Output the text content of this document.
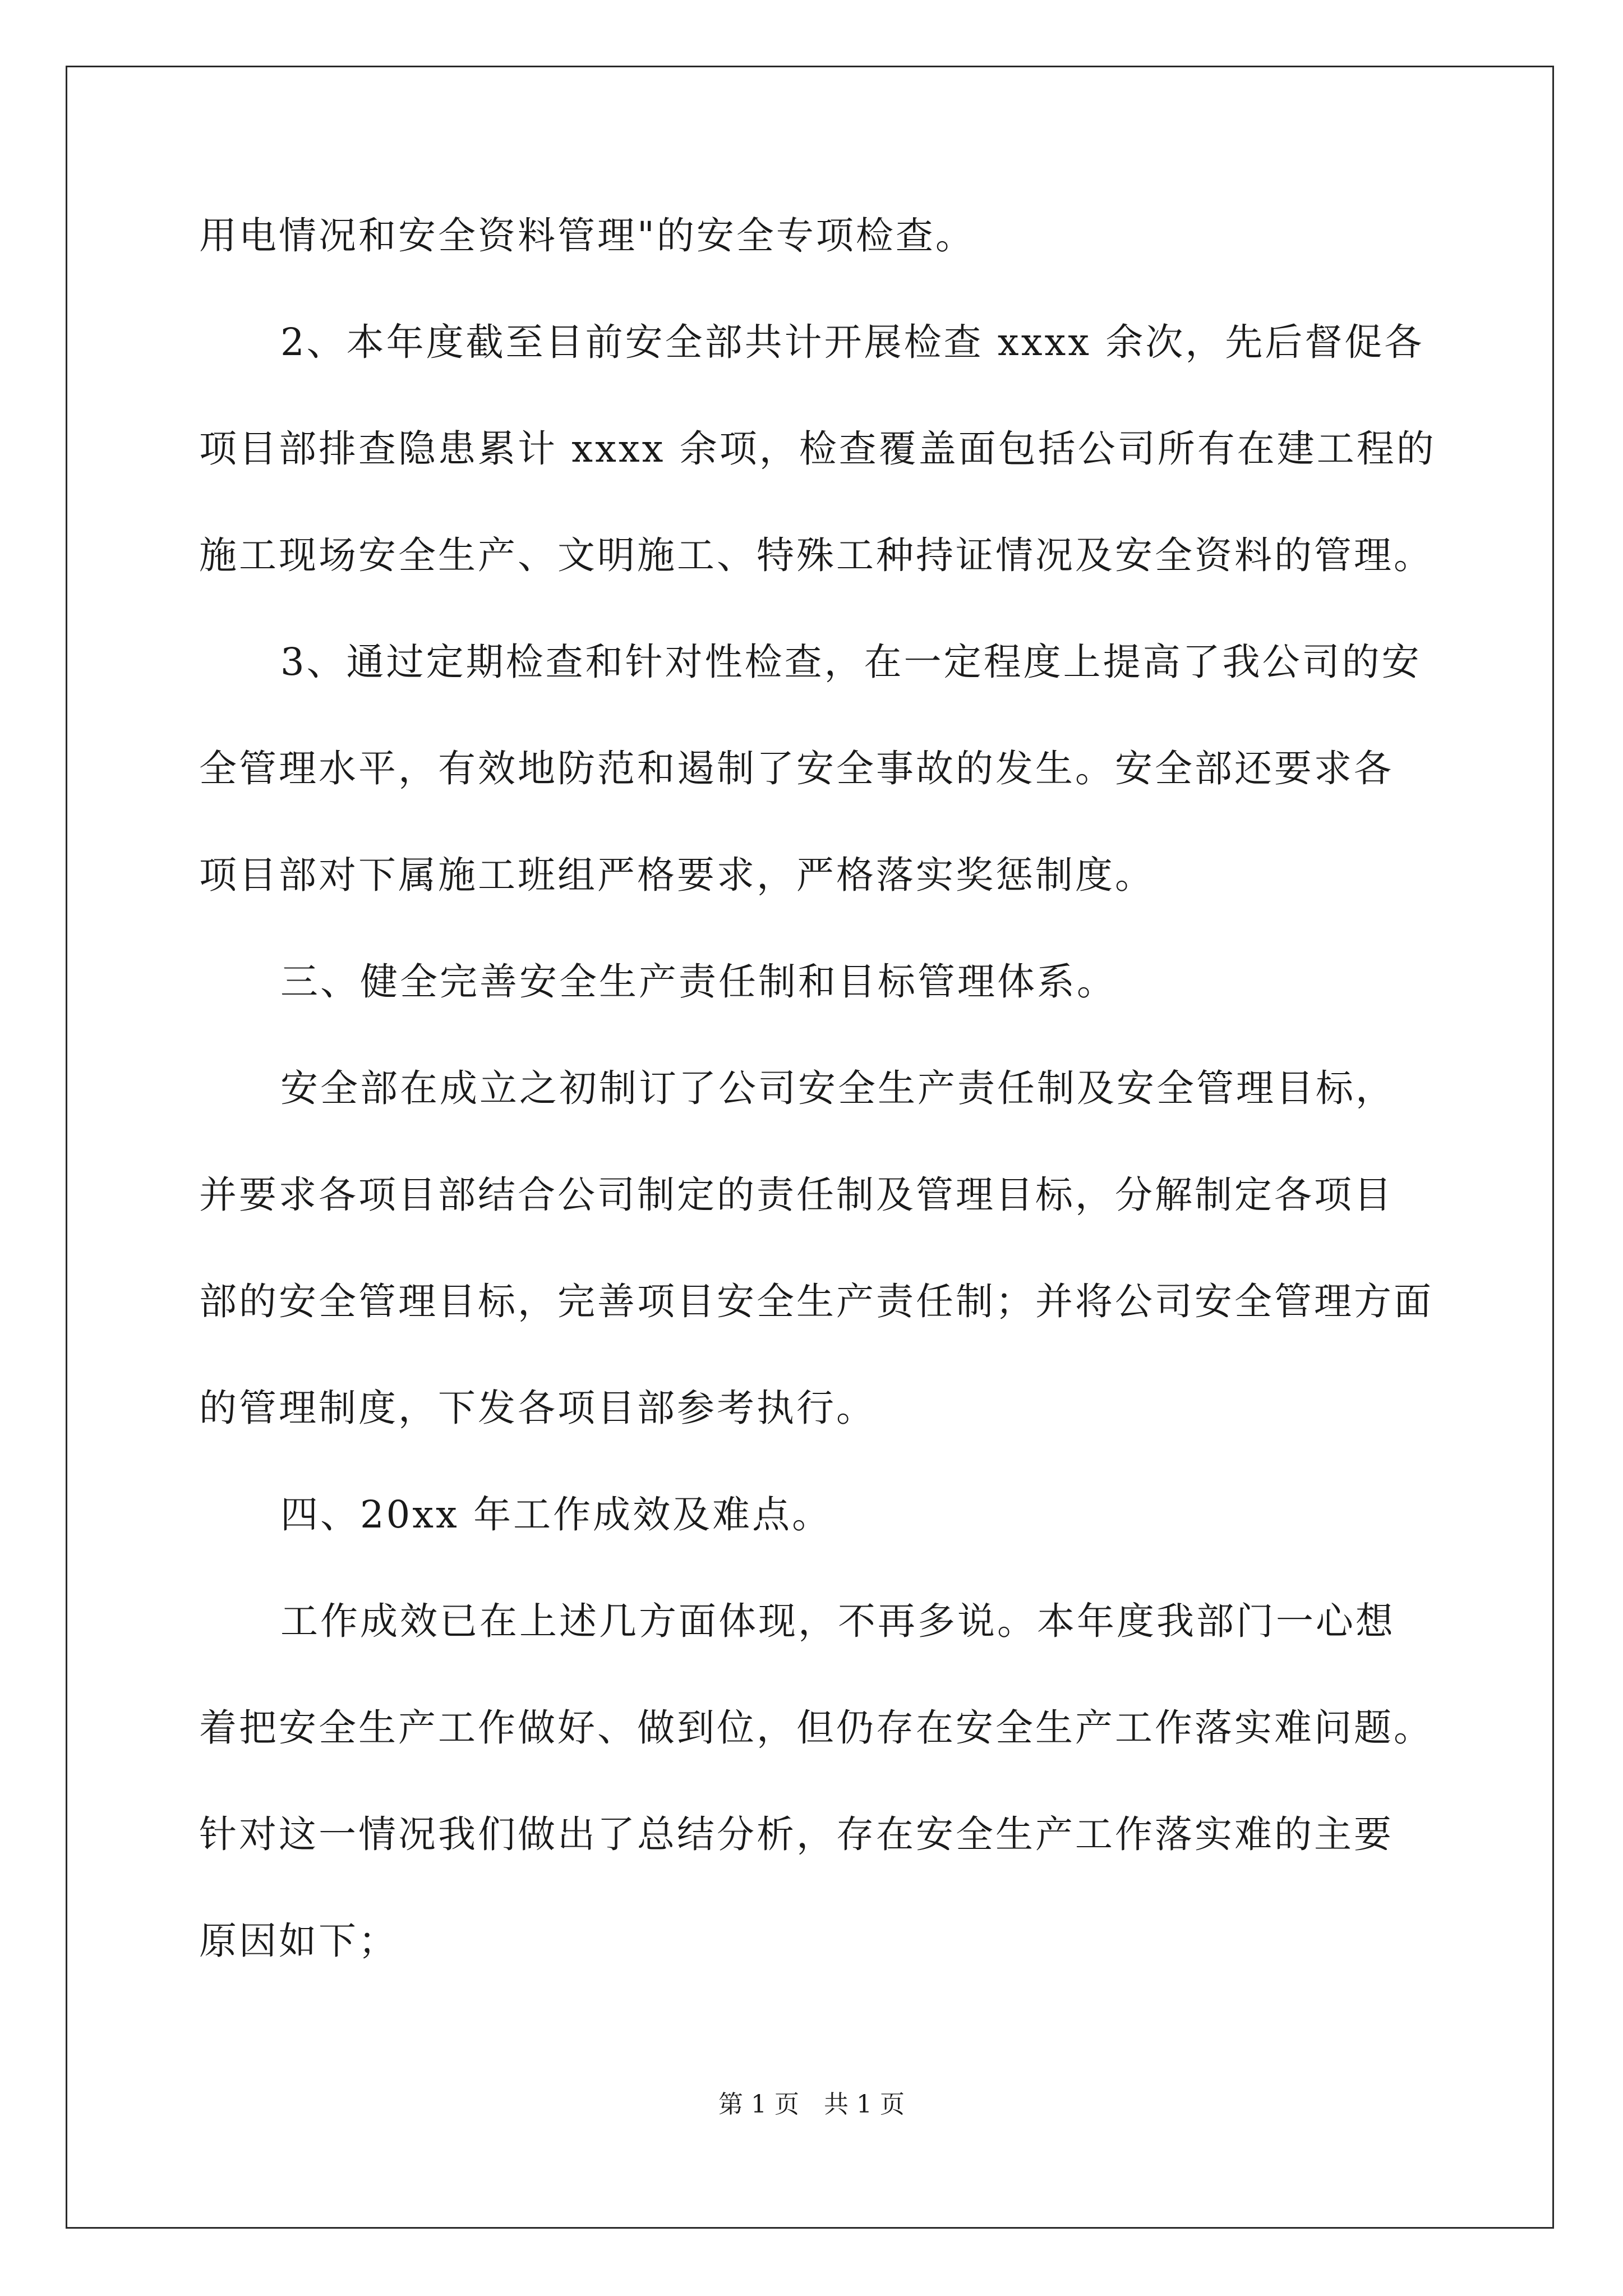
用电情况和安全资料管理"的安全专项检查。
2、本年度截至目前安全部共计开展检查 xxxx 余次，先后督促各
项目部排查隐患累计 xxxx 余项，检查覆盖面包括公司所有在建工程的
施工现场安全生产、文明施工、特殊工种持证情况及安全资料的管理。
3、通过定期检查和针对性检查，在一定程度上提高了我公司的安
全管理水平，有效地防范和遏制了安全事故的发生。安全部还要求各
项目部对下属施工班组严格要求，严格落实奖惩制度。
三、健全完善安全生产责任制和目标管理体系。
安全部在成立之初制订了公司安全生产责任制及安全管理目标，
并要求各项目部结合公司制定的责任制及管理目标，分解制定各项目
部的安全管理目标，完善项目安全生产责任制；并将公司安全管理方面
的管理制度，下发各项目部参考执行。
四、20xx 年工作成效及难点。
工作成效已在上述几方面体现，不再多说。本年度我部门一心想
着把安全生产工作做好、做到位，但仍存在安全生产工作落实难问题。
针对这一情况我们做出了总结分析，存在安全生产工作落实难的主要
原因如下；
第 1 页　共 1 页
